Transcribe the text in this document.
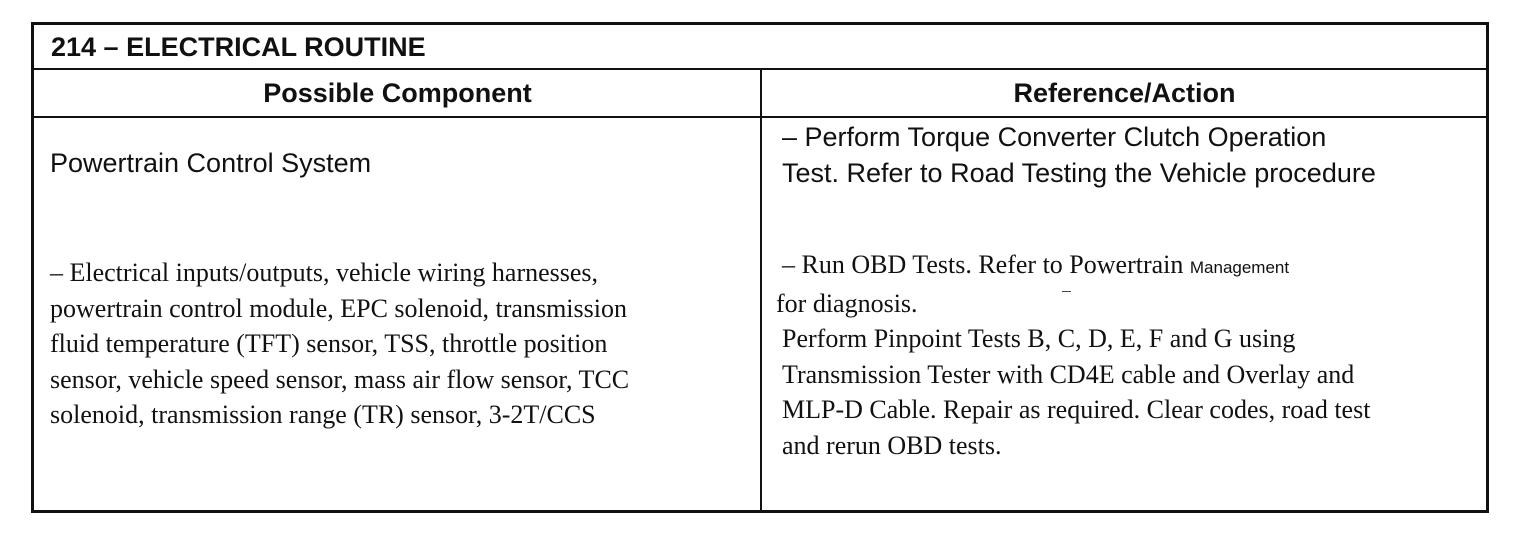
214 – ELECTRICAL ROUTINE
Possible Component	Reference/Action
Powertrain Control System
– Perform Torque Converter Clutch Operation
Test. Refer to Road Testing the Vehicle procedure
– Electrical inputs/outputs, vehicle wiring harnesses,
powertrain control module, EPC solenoid, transmission
fluid temperature (TFT) sensor, TSS, throttle position
sensor, vehicle speed sensor, mass air flow sensor, TCC
solenoid, transmission range (TR) sensor, 3-2T/CCS
– Run OBD Tests. Refer to Powertrain Management
for diagnosis.
Perform Pinpoint Tests B, C, D, E, F and G using
Transmission Tester with CD4E cable and Overlay and
MLP-D Cable. Repair as required. Clear codes, road test
and rerun OBD tests.
